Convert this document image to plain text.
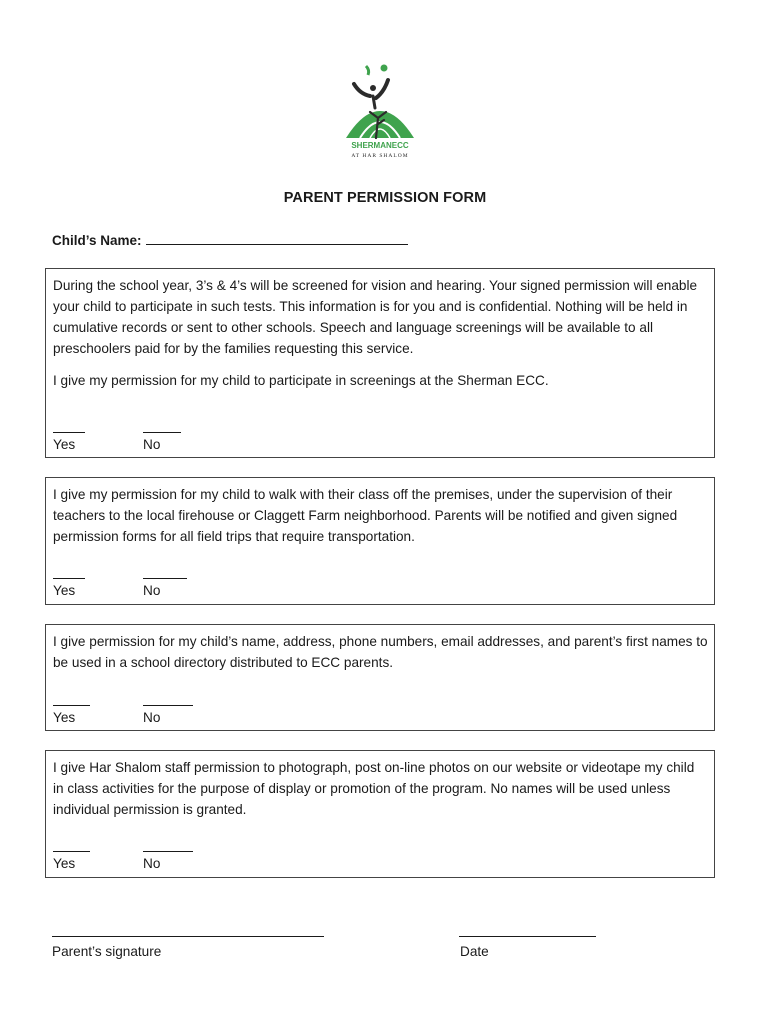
SHERMANECC
AT HAR SHALOM
PARENT PERMISSION FORM
Child’s Name:

During the school year, 3’s & 4’s will be screened for vision and hearing. Your signed permission will enable your child to participate in such tests. This information is for you and is confidential. Nothing will be held in cumulative records or sent to other schools. Speech and language screenings will be available to all preschoolers paid for by the families requesting this service.

I give my permission for my child to participate in screenings at the Sherman ECC.

Yes	No

I give my permission for my child to walk with their class off the premises, under the supervision of their teachers to the local firehouse or Claggett Farm neighborhood. Parents will be notified and given signed permission forms for all field trips that require transportation.

Yes	No

I give permission for my child’s name, address, phone numbers, email addresses, and parent’s first names to be used in a school directory distributed to ECC parents.

Yes	No

I give Har Shalom staff permission to photograph, post on-line photos on our website or videotape my child in class activities for the purpose of display or promotion of the program. No names will be used unless individual permission is granted.

Yes	No
Parent’s signature	Date
